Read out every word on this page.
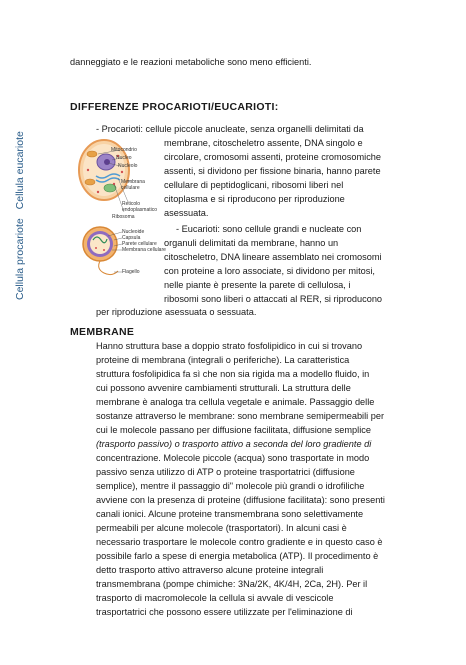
danneggiato e le reazioni metaboliche sono meno efficienti.
DIFFERENZE PROCARIOTI/EUCARIOTI:
Cellula procariote Cellula eucariote	Mitocondrio
Nucleo
Nucleolo
Membrana
cellulare
Reticolo
endoplasmatico
Ribosoma
Nucleoide
Capsula
Parete cellulare
Membrana cellulare
Flagello
- Procarioti: cellule piccole anucleate, senza organelli delimitati da
membrane, citoscheletro assente, DNA singolo e
circolare, cromosomi assenti, proteine cromosomiche
assenti, si dividono per fissione binaria, hanno parete
cellulare di peptidoglicani, ribosomi liberi nel
citoplasma e si riproducono per riproduzione
asessuata.
- Eucarioti: sono cellule grandi e nucleate con
organuli delimitati da membrane, hanno un
citoscheletro, DNA lineare assemblato nei cromosomi
con proteine a loro associate, si dividono per mitosi,
nelle piante è presente la parete di cellulosa, i
ribosomi sono liberi o attaccati al RER, si riproducono
per riproduzione asessuata o sessuata.
MEMBRANE
Hanno struttura base a doppio strato fosfolipidico in cui si trovano
proteine di membrana (integrali o periferiche). La caratteristica
struttura fosfolipidica fa sì che non sia rigida ma a modello fluido, in
cui possono avvenire cambiamenti strutturali. La struttura delle
membrane è analoga tra cellula vegetale e animale. Passaggio delle
sostanze attraverso le membrane: sono membrane semipermeabili per
cui le molecole passano per diffusione facilitata, diffusione semplice
(trasporto passivo) o trasporto attivo a seconda del loro gradiente di
concentrazione. Molecole piccole (acqua) sono trasportate in modo
passivo senza utilizzo di ATP o proteine trasportatrici (diffusione
semplice), mentre il passaggio di" molecole più grandi o idrofiliche
avviene con la presenza di proteine (diffusione facilitata): sono presenti
canali ionici. Alcune proteine transmembrana sono selettivamente
permeabili per alcune molecole (trasportatori). In alcuni casi è
necessario trasportare le molecole contro gradiente e in questo caso è
possibile farlo a spese di energia metabolica (ATP). Il procedimento è
detto trasporto attivo attraverso alcune proteine integrali
transmembrana (pompe chimiche: 3Na/2K, 4K/4H, 2Ca, 2H). Per il
trasporto di macromolecole la cellula si avvale di vescicole
trasportatrici che possono essere utilizzate per l'eliminazione di
